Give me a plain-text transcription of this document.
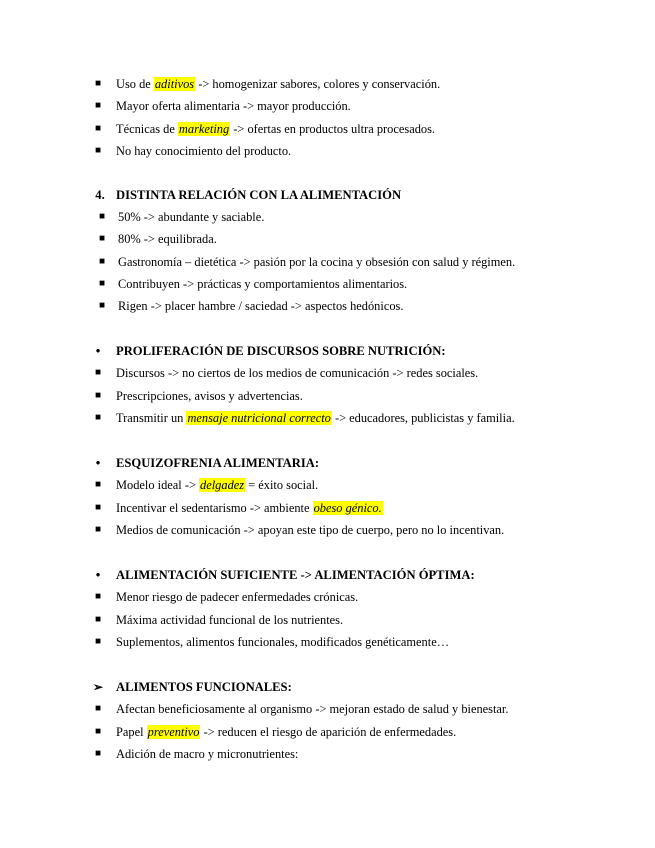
■	Uso de aditivos -> homogenizar sabores, colores y conservación.
■	Mayor oferta alimentaria -> mayor producción.
■	Técnicas de marketing -> ofertas en productos ultra procesados.
■	No hay conocimiento del producto.
4. DISTINTA RELACIÓN CON LA ALIMENTACIÓN
■	50% -> abundante y saciable.
■	80% -> equilibrada.
■	Gastronomía – dietética -> pasión por la cocina y obsesión con salud y régimen.
■	Contribuyen -> prácticas y comportamientos alimentarios.
■	Rigen -> placer hambre / saciedad -> aspectos hedónicos.
•	PROLIFERACIÓN DE DISCURSOS SOBRE NUTRICIÓN:
■	Discursos -> no ciertos de los medios de comunicación -> redes sociales.
■	Prescripciones, avisos y advertencias.
■	Transmitir un mensaje nutricional correcto -> educadores, publicistas y familia.
•	ESQUIZOFRENIA ALIMENTARIA:
■	Modelo ideal -> delgadez = éxito social.
■	Incentivar el sedentarismo -> ambiente obeso génico.
■	Medios de comunicación -> apoyan este tipo de cuerpo, pero no lo incentivan.
•	ALIMENTACIÓN SUFICIENTE -> ALIMENTACIÓN ÓPTIMA:
■	Menor riesgo de padecer enfermedades crónicas.
■	Máxima actividad funcional de los nutrientes.
■	Suplementos, alimentos funcionales, modificados genéticamente…
➢	ALIMENTOS FUNCIONALES:
■	Afectan beneficiosamente al organismo -> mejoran estado de salud y bienestar.
■	Papel preventivo -> reducen el riesgo de aparición de enfermedades.
■	Adición de macro y micronutrientes:
